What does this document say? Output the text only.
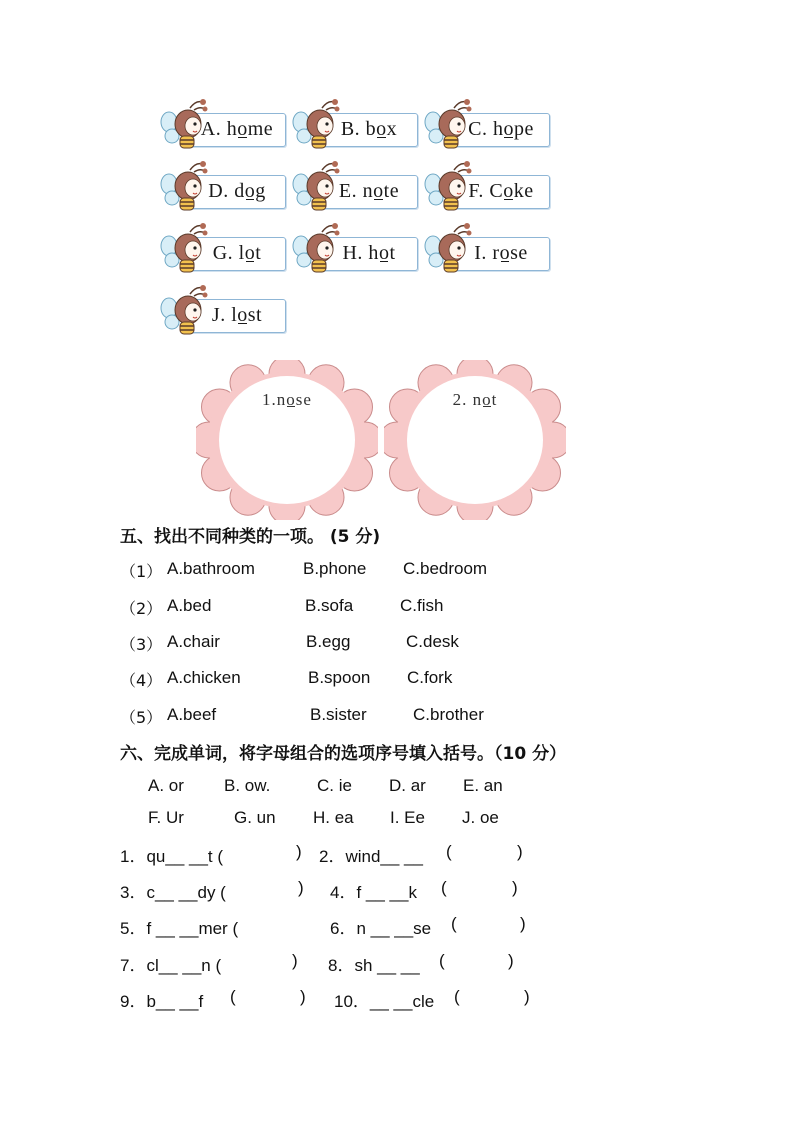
A. home	B. box	C. hope
D. dog	E. note	F. Coke
G. lot	H. hot	I. rose
J. lost
1.nose	2. not
五、找出不同种类的一项。 (5 分)
（1） A.bathroom	B.phone C.bedroom
（2） A.bed	B.sofa	C.fish
（3） A.chair	B.egg	C.desk
（4） A.chicken	B.spoon C.fork
（5） A.beef	B.sister	C.brother
六、完成单词，将字母组合的选项序号填入括号。（10 分）
A. or B. ow.	C. ie D. ar E. an
F. Ur	G. un H. ea I. Ee J. oe
1．qu__ __t (	) 2．wind__ __ (	)
3．c__ __dy (	) 4．f __ __k (	)
5．f __ __mer (	6．n __ __se (	)
7．cl__ __n (	) 8．sh __ __ (	)
9．b__ __f (	) 10．__ __cle (	)
